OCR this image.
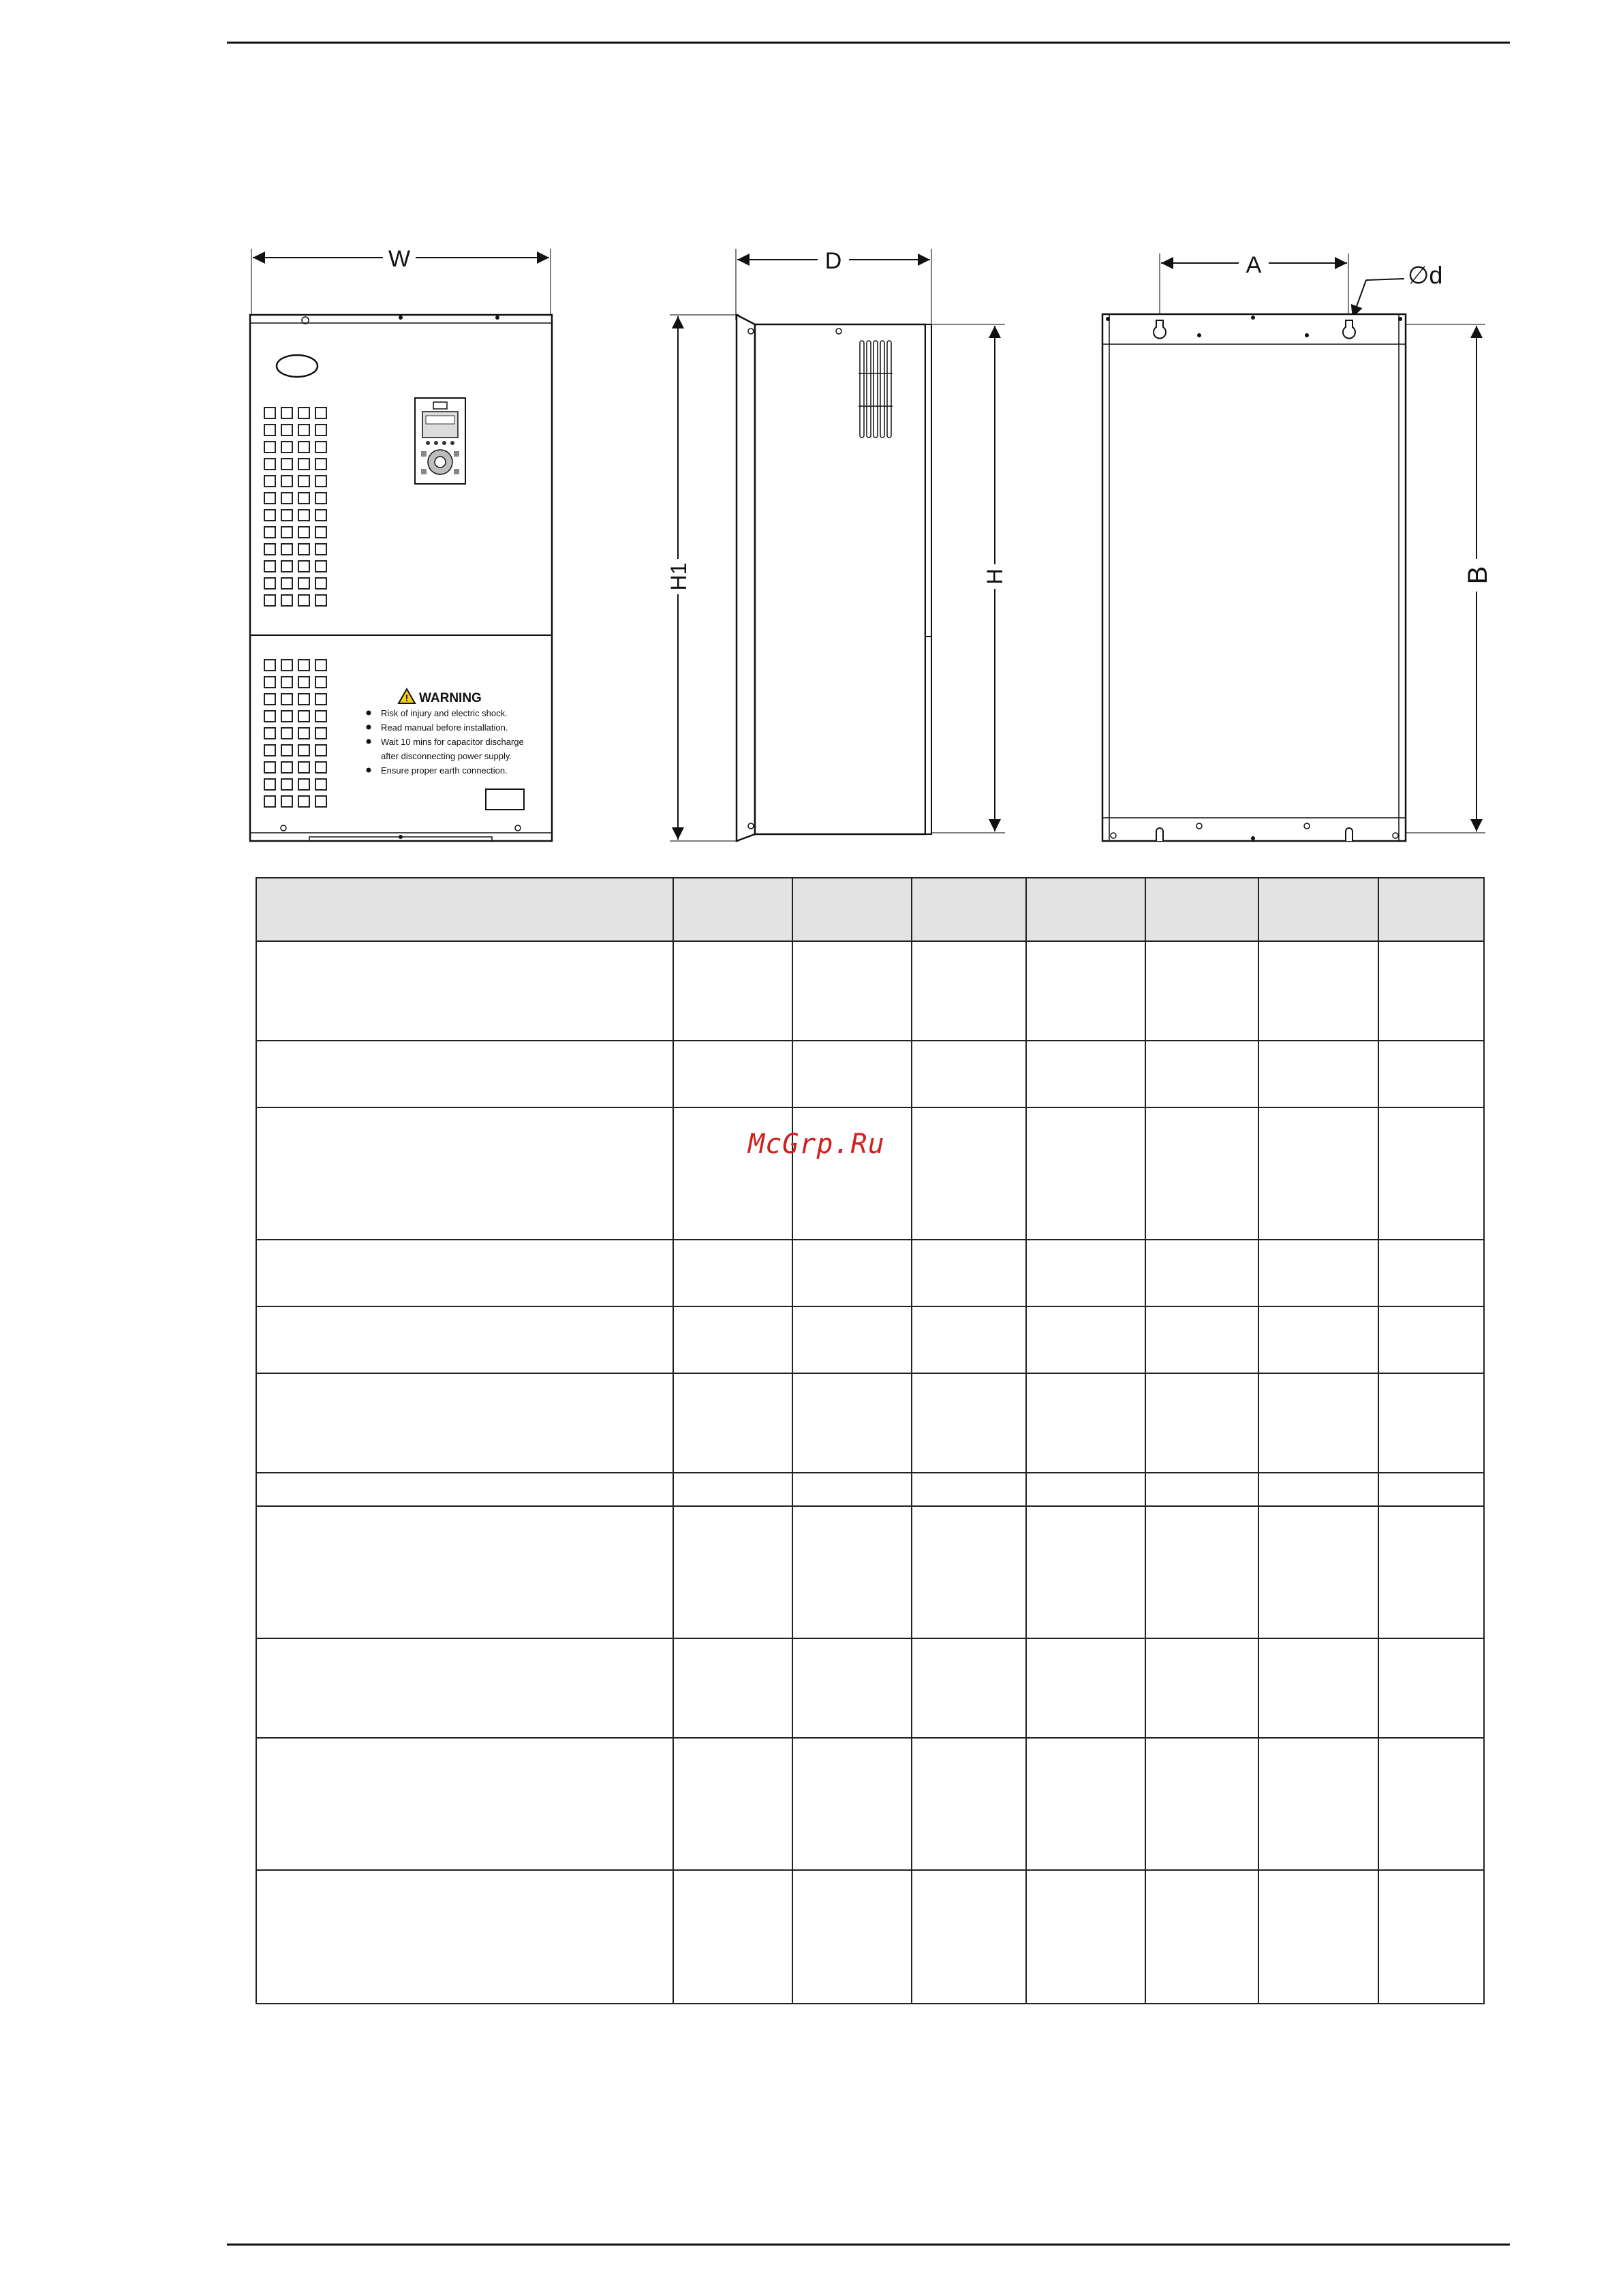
W
! WARNING
Risk of injury and electric shock.
Read manual before installation.
Wait 10 mins for capacitor discharge
after disconnecting power supply.
Ensure proper earth connection.
D
H1	H
A	∅d
B

McGrp.Ru
